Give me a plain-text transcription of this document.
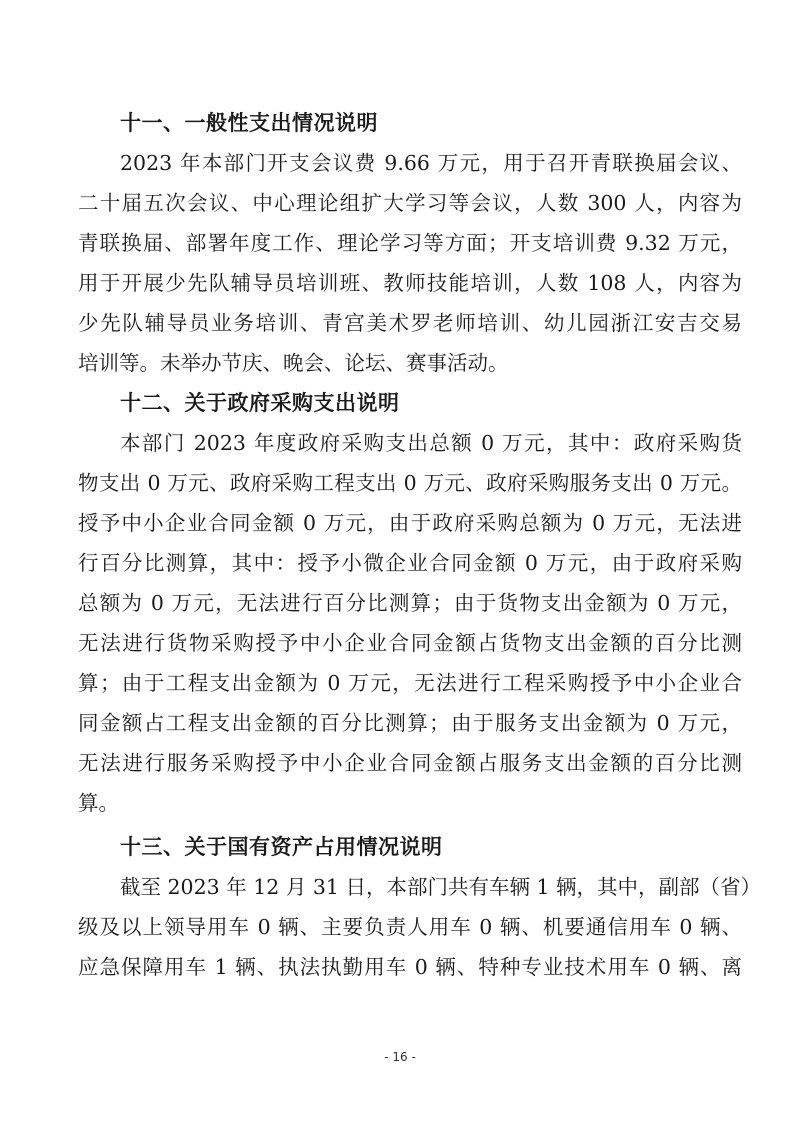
十一、一般性支出情况说明
2023 年本部门开支会议费 9.66 万元，用于召开青联换届会议、
二十届五次会议、中心理论组扩大学习等会议，人数 300 人，内容为
青联换届、部署年度工作、理论学习等方面；开支培训费 9.32 万元，
用于开展少先队辅导员培训班、教师技能培训，人数 108 人，内容为
少先队辅导员业务培训、青宫美术罗老师培训、幼儿园浙江安吉交易
培训等。未举办节庆、晚会、论坛、赛事活动。
十二、关于政府采购支出说明
本部门 2023 年度政府采购支出总额 0 万元，其中：政府采购货
物支出 0 万元、政府采购工程支出 0 万元、政府采购服务支出 0 万元。
授予中小企业合同金额 0 万元，由于政府采购总额为 0 万元，无法进
行百分比测算，其中：授予小微企业合同金额 0 万元，由于政府采购
总额为 0 万元，无法进行百分比测算；由于货物支出金额为 0 万元，
无法进行货物采购授予中小企业合同金额占货物支出金额的百分比测
算；由于工程支出金额为 0 万元，无法进行工程采购授予中小企业合
同金额占工程支出金额的百分比测算；由于服务支出金额为 0 万元，
无法进行服务采购授予中小企业合同金额占服务支出金额的百分比测
算。
十三、关于国有资产占用情况说明
截至 2023 年 12 月 31 日，本部门共有车辆 1 辆，其中，副部（省）
级及以上领导用车 0 辆、主要负责人用车 0 辆、机要通信用车 0 辆、
应急保障用车 1 辆、执法执勤用车 0 辆、特种专业技术用车 0 辆、离
- 16 -
